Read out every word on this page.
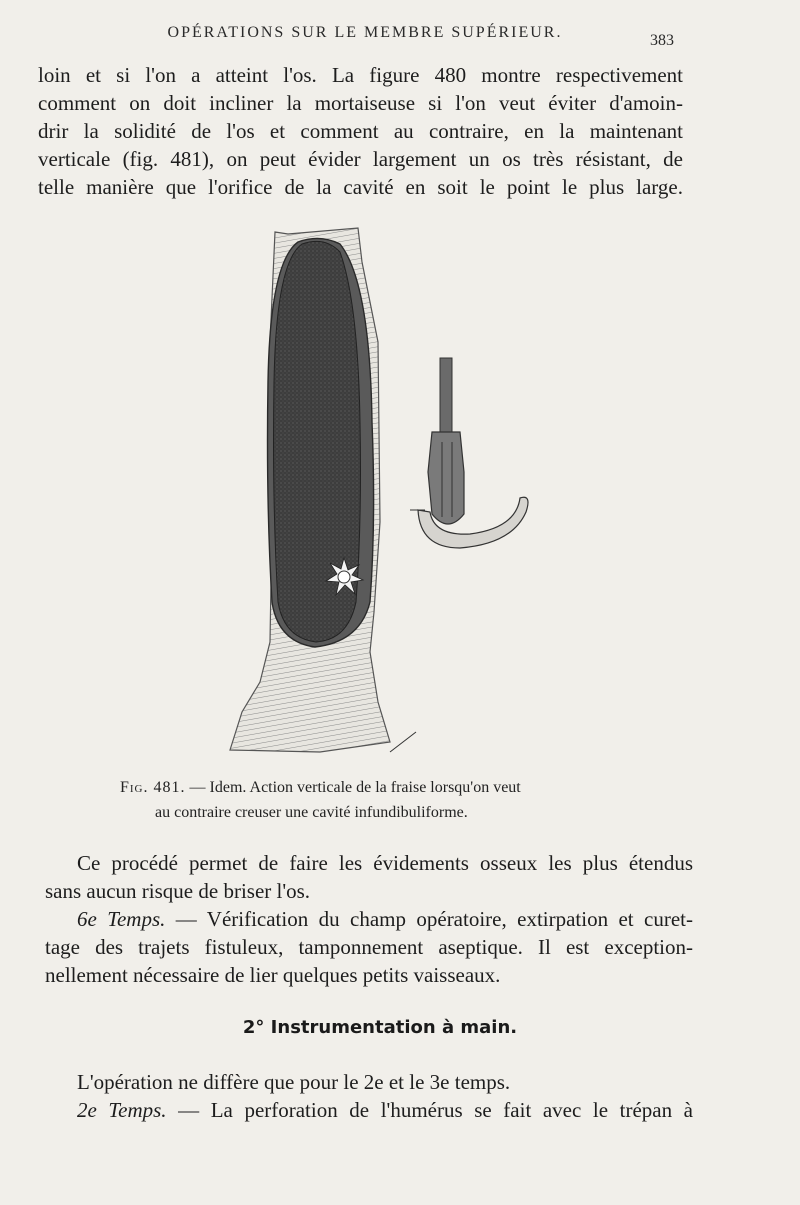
OPÉRATIONS SUR LE MEMBRE SUPÉRIEUR.	383

loin et si l'on a atteint l'os. La figure 480 montre respectivement
comment on doit incliner la mortaiseuse si l'on veut éviter d'amoin-
drir la solidité de l'os et comment au contraire, en la maintenant
verticale (fig. 481), on peut évider largement un os très résistant, de
telle manière que l'orifice de la cavité en soit le point le plus large.

Fig. 481. — Idem. Action verticale de la fraise lorsqu'on veut
au contraire creuser une cavité infundibuliforme.

Ce procédé permet de faire les évidements osseux les plus étendus
sans aucun risque de briser l'os.
6e Temps. — Vérification du champ opératoire, extirpation et curet-
tage des trajets fistuleux, tamponnement aseptique. Il est exception-
nellement nécessaire de lier quelques petits vaisseaux.

2° Instrumentation à main.

L'opération ne diffère que pour le 2e et le 3e temps.
2e Temps. — La perforation de l'humérus se fait avec le trépan à
